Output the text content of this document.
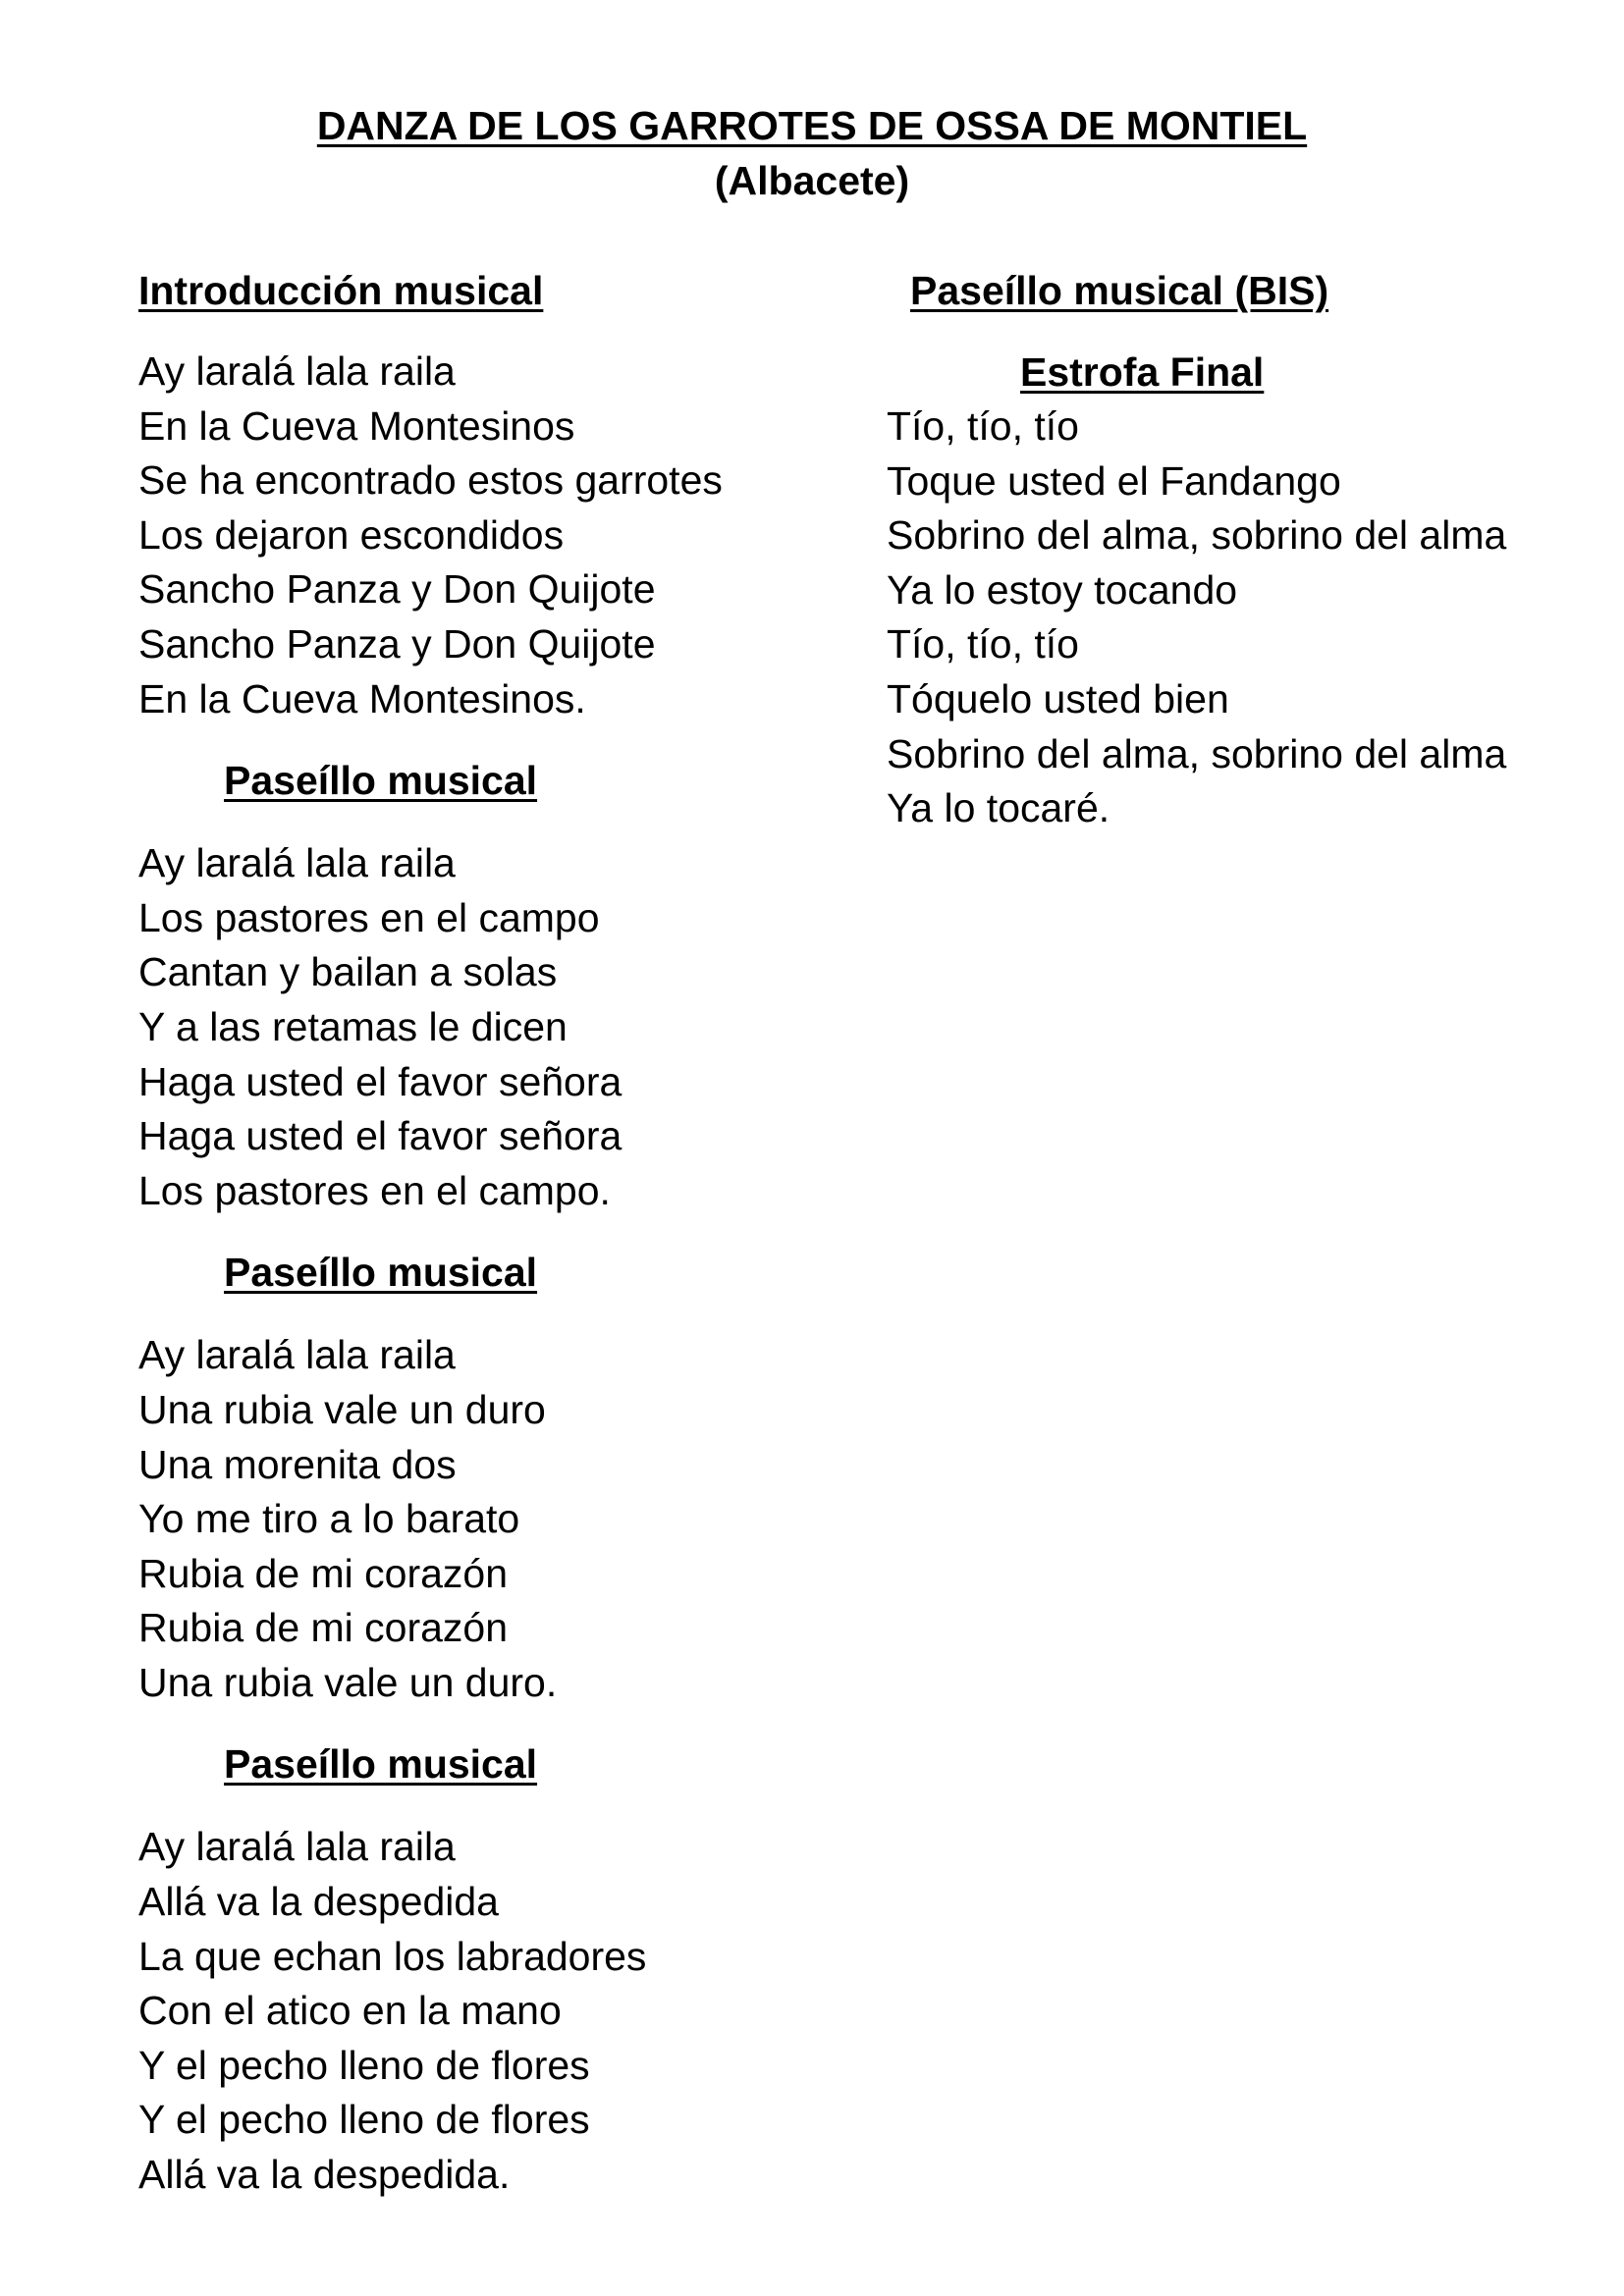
DANZA DE LOS GARROTES DE OSSA DE MONTIEL
(Albacete)
Introducción musical
Ay laralá lala raila
En la Cueva Montesinos
Se ha encontrado estos garrotes
Los dejaron escondidos
Sancho Panza y Don Quijote
Sancho Panza y Don Quijote
En la Cueva Montesinos.
Paseíllo musical
Ay laralá lala raila
Los pastores en el campo
Cantan y bailan a solas
Y a las retamas le dicen
Haga usted el favor señora
Haga usted el favor señora
Los pastores en el campo.
Paseíllo musical
Ay laralá lala raila
Una rubia vale un duro
Una morenita dos
Yo me tiro a lo barato
Rubia de mi corazón
Rubia de mi corazón
Una rubia vale un duro.
Paseíllo musical
Ay laralá lala raila
Allá va la despedida
La que echan los labradores
Con el atico en la mano
Y el pecho lleno de flores
Y el pecho lleno de flores
Allá va la despedida.
Paseíllo musical (BIS)
Estrofa Final
Tío, tío, tío
Toque usted el Fandango
Sobrino del alma, sobrino del alma
Ya lo estoy tocando
Tío, tío, tío
Tóquelo usted bien
Sobrino del alma, sobrino del alma
Ya lo tocaré.
